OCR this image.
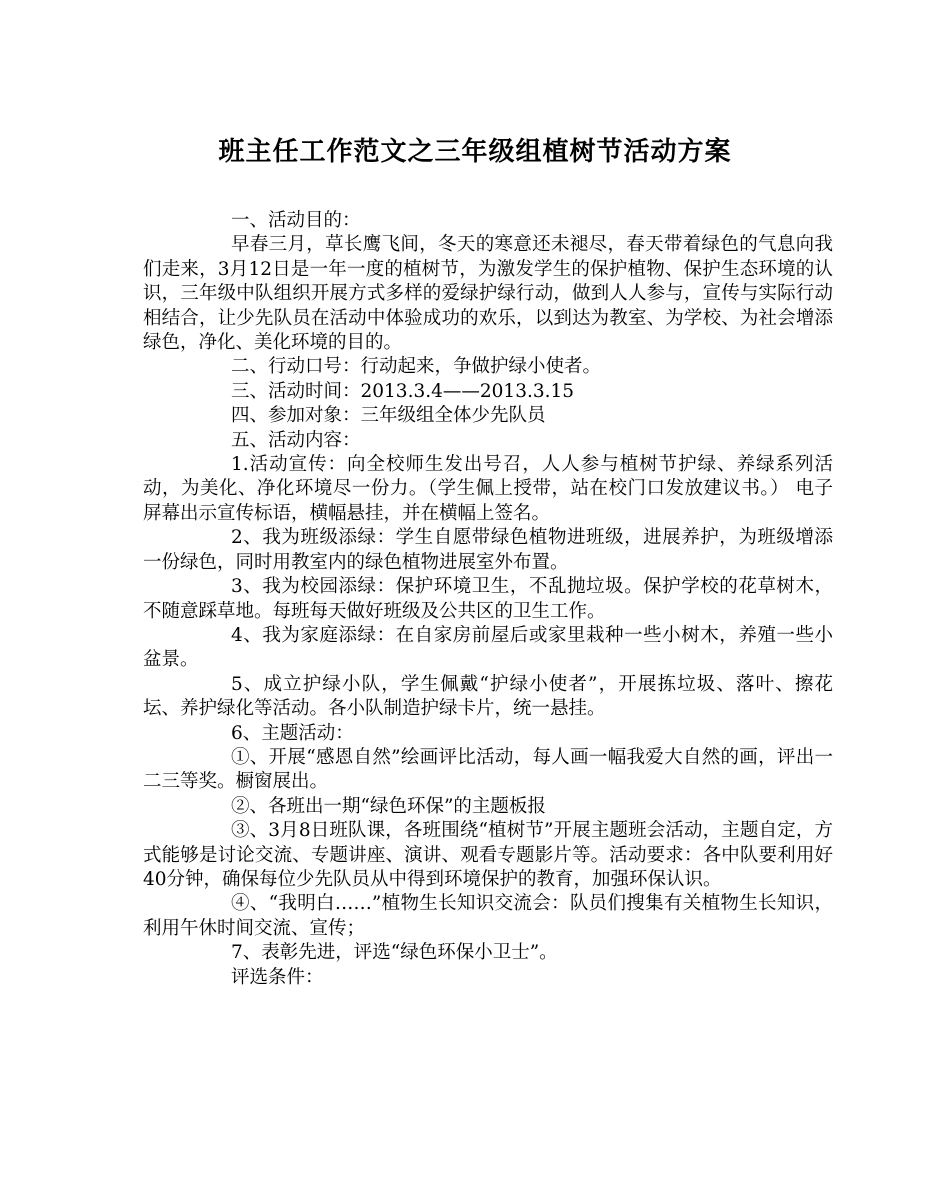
班主任工作范文之三年级组植树节活动方案

一、活动目的：

早春三月，草长鹰飞间，冬天的寒意还未褪尽，春天带着绿色的气息向我们走来，3月12日是一年一度的植树节，为激发学生的保护植物、保护生态环境的认识，三年级中队组织开展方式多样的爱绿护绿行动，做到人人参与，宣传与实际行动相结合，让少先队员在活动中体验成功的欢乐，以到达为教室、为学校、为社会增添绿色，净化、美化环境的目的。

二、行动口号：行动起来，争做护绿小使者。

三、活动时间：2013.3.4——2013.3.15

四、参加对象：三年级组全体少先队员

五、活动内容：

1.活动宣传：向全校师生发出号召，人人参与植树节护绿、养绿系列活动，为美化、净化环境尽一份力。（学生佩上授带，站在校门口发放建议书。） 电子屏幕出示宣传标语，横幅悬挂，并在横幅上签名。

2、我为班级添绿：学生自愿带绿色植物进班级，进展养护，为班级增添一份绿色，同时用教室内的绿色植物进展室外布置。

3、我为校园添绿：保护环境卫生，不乱抛垃圾。保护学校的花草树木，不随意踩草地。每班每天做好班级及公共区的卫生工作。

4、我为家庭添绿：在自家房前屋后或家里栽种一些小树木，养殖一些小盆景。

5、成立护绿小队，学生佩戴“护绿小使者”，开展拣垃圾、落叶、擦花坛、养护绿化等活动。各小队制造护绿卡片，统一悬挂。

6、主题活动：

①、开展“感恩自然”绘画评比活动，每人画一幅我爱大自然的画，评出一二三等奖。橱窗展出。

②、各班出一期“绿色环保”的主题板报

③、3月8日班队课，各班围绕“植树节”开展主题班会活动，主题自定，方式能够是讨论交流、专题讲座、演讲、观看专题影片等。活动要求：各中队要利用好40分钟，确保每位少先队员从中得到环境保护的教育，加强环保认识。

④、“我明白……”植物生长知识交流会：队员们搜集有关植物生长知识，利用午休时间交流、宣传；

7、表彰先进，评选“绿色环保小卫士”。

评选条件：
